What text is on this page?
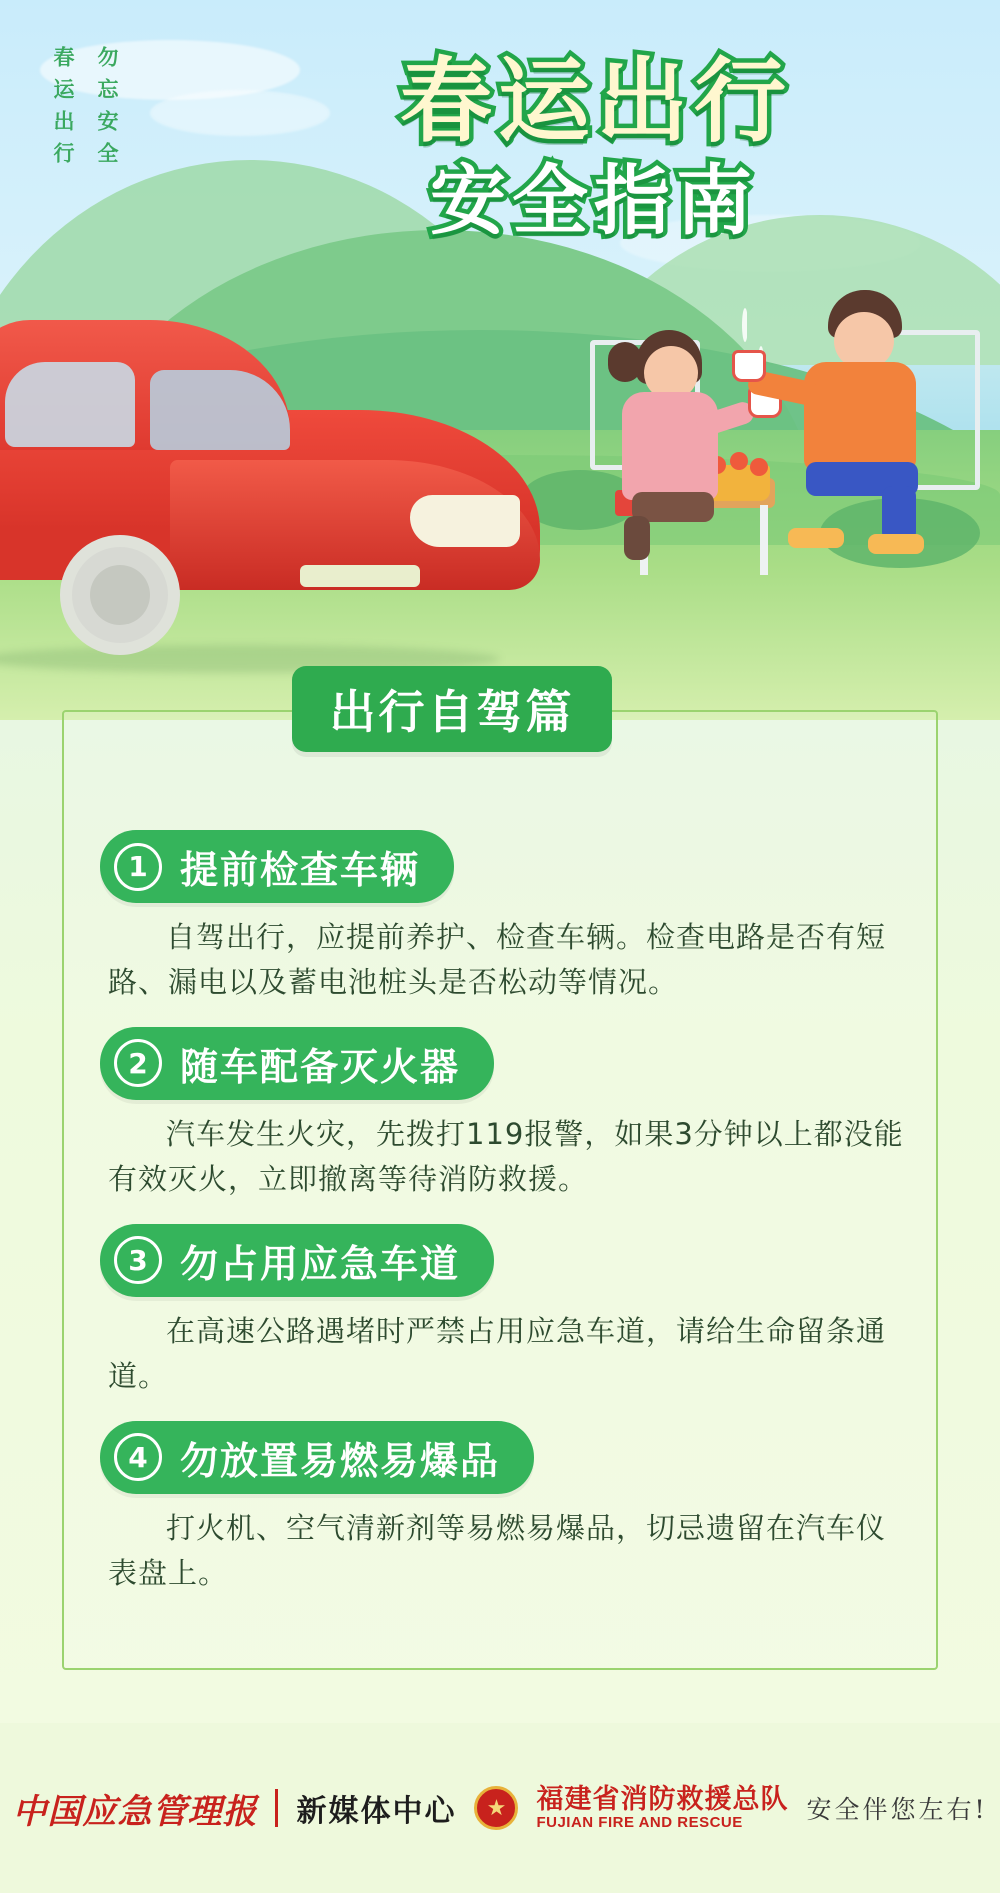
春运出行 勿忘安全	春运出行
安全指南
出行自驾篇
1 提前检查车辆
自驾出行，应提前养护、检查车辆。检查电路是否有短路、漏电以及蓄电池桩头是否松动等情况。
2 随车配备灭火器
汽车发生火灾，先拨打119报警，如果3分钟以上都没能有效灭火，立即撤离等待消防救援。
3 勿占用应急车道
在高速公路遇堵时严禁占用应急车道，请给生命留条通道。
4 勿放置易燃易爆品
打火机、空气清新剂等易燃易爆品，切忌遗留在汽车仪表盘上。
中国应急管理报 新媒体中心	★	福建省消防救援总队
FUJIAN FIRE AND RESCUE	安全伴您左右!
